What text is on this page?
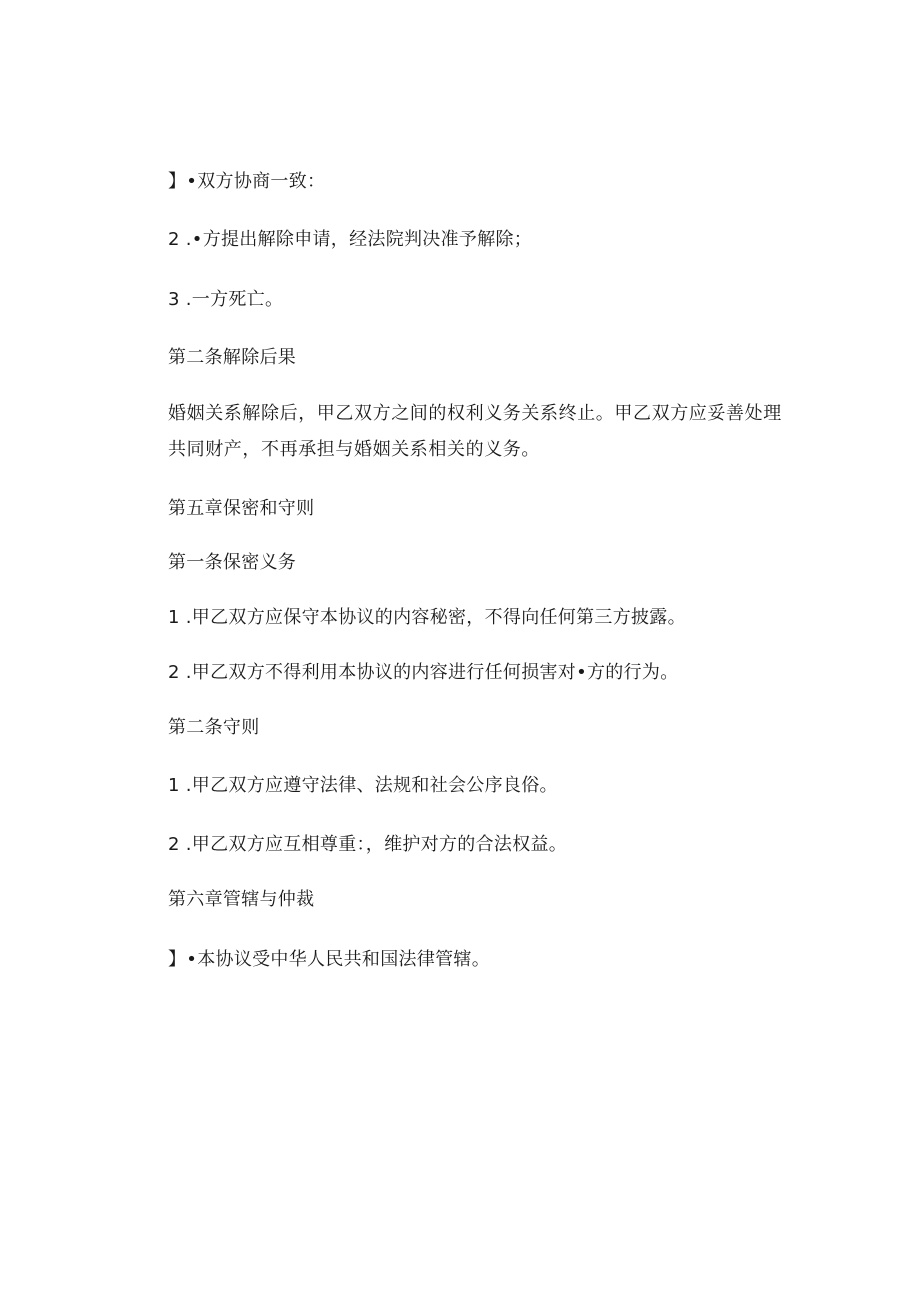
】•双方协商一致：
2 .•方提出解除申请，经法院判决准予解除；
3 .一方死亡。
第二条解除后果
婚姻关系解除后，甲乙双方之间的权利义务关系终止。甲乙双方应妥善处理共同财产，不再承担与婚姻关系相关的义务。
第五章保密和守则
第一条保密义务
1 .甲乙双方应保守本协议的内容秘密，不得向任何第三方披露。
2 .甲乙双方不得利用本协议的内容进行任何损害对•方的行为。
第二条守则
1 .甲乙双方应遵守法律、法规和社会公序良俗。
2 .甲乙双方应互相尊重：，维护对方的合法权益。
第六章管辖与仲裁
】•本协议受中华人民共和国法律管辖。
